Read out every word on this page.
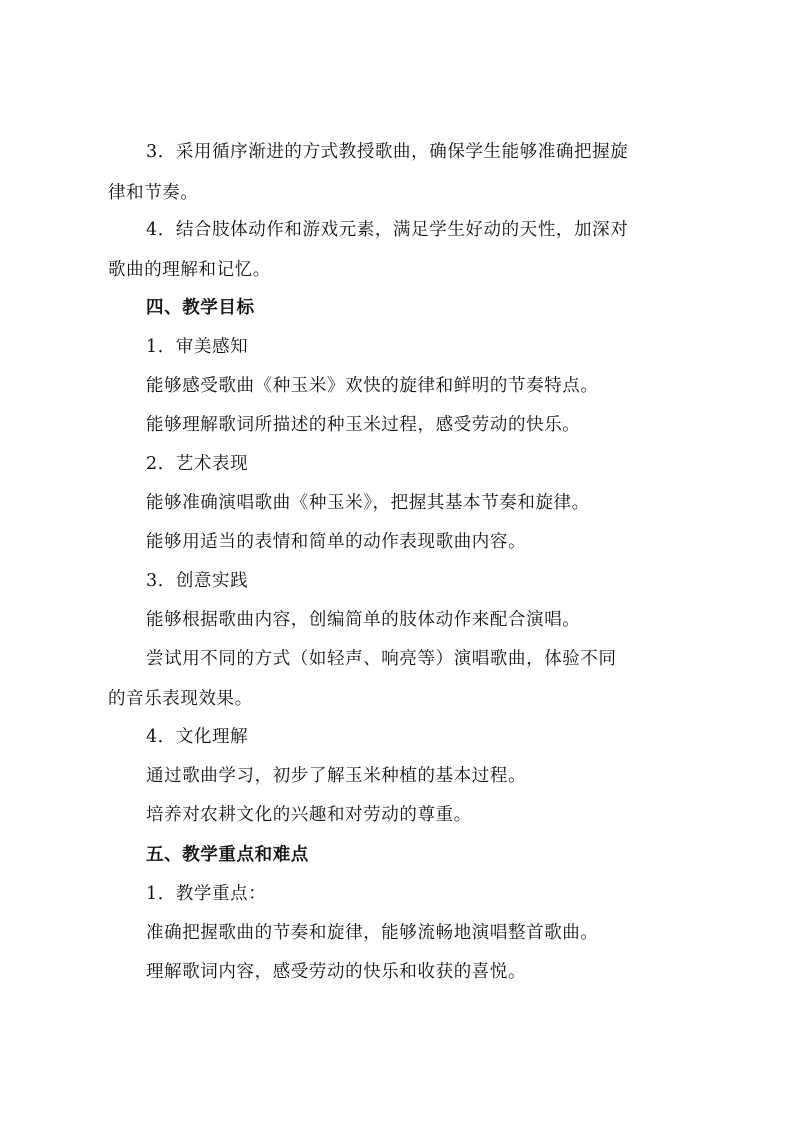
3．采用循序渐进的方式教授歌曲，确保学生能够准确把握旋
律和节奏。
4．结合肢体动作和游戏元素，满足学生好动的天性，加深对
歌曲的理解和记忆。
四、教学目标
1．审美感知
能够感受歌曲《种玉米》欢快的旋律和鲜明的节奏特点。
能够理解歌词所描述的种玉米过程，感受劳动的快乐。
2．艺术表现
能够准确演唱歌曲《种玉米》，把握其基本节奏和旋律。
能够用适当的表情和简单的动作表现歌曲内容。
3．创意实践
能够根据歌曲内容，创编简单的肢体动作来配合演唱。
尝试用不同的方式（如轻声、响亮等）演唱歌曲，体验不同
的音乐表现效果。
4．文化理解
通过歌曲学习，初步了解玉米种植的基本过程。
培养对农耕文化的兴趣和对劳动的尊重。
五、教学重点和难点
1．教学重点：
准确把握歌曲的节奏和旋律，能够流畅地演唱整首歌曲。
理解歌词内容，感受劳动的快乐和收获的喜悦。
